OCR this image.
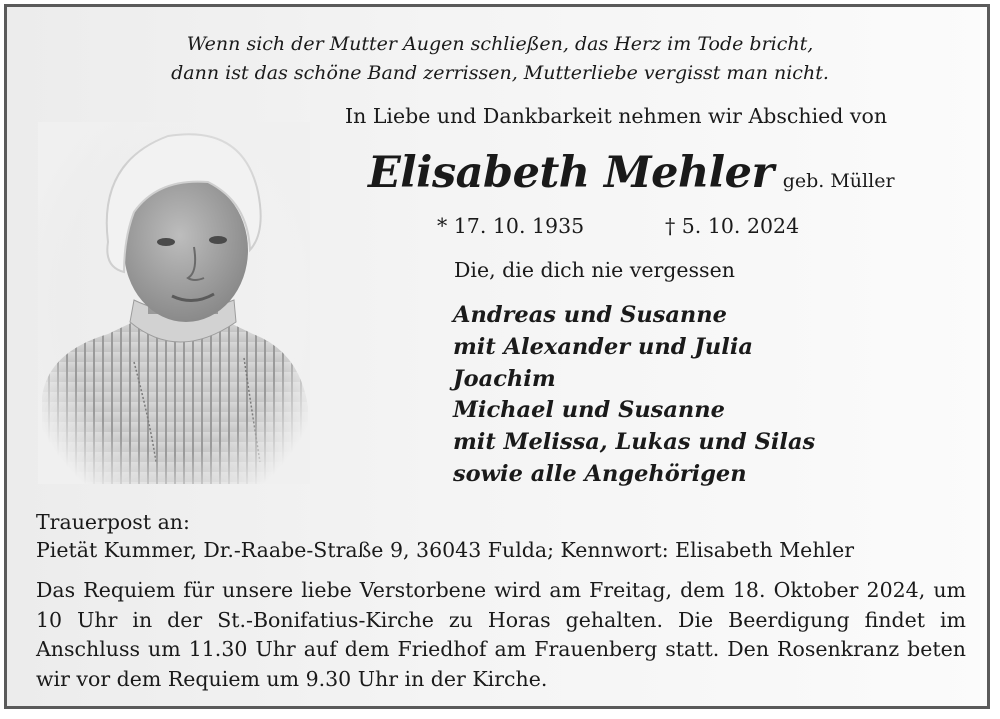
Wenn sich der Mutter Augen schließen, das Herz im Tode bricht,
dann ist das schöne Band zerrissen, Mutterliebe vergisst man nicht.
In Liebe und Dankbarkeit nehmen wir Abschied von
Elisabeth Mehler geb. Müller
* 17. 10. 1935	† 5. 10. 2024
Die, die dich nie vergessen
Andreas und Susanne
mit Alexander und Julia
Joachim
Michael und Susanne
mit Melissa, Lukas und Silas
sowie alle Angehörigen
Trauerpost an:
Pietät Kummer, Dr.-Raabe-Straße 9, 36043 Fulda; Kennwort: Elisabeth Mehler
Das Requiem für unsere liebe Verstorbene wird am Freitag, dem 18. Oktober 2024, um 10 Uhr in der St.-Bonifatius-Kirche zu Horas gehalten. Die Beerdigung findet im Anschluss um 11.30 Uhr auf dem Friedhof am Frauenberg statt. Den Rosenkranz beten wir vor dem Requiem um 9.30 Uhr in der Kirche.
